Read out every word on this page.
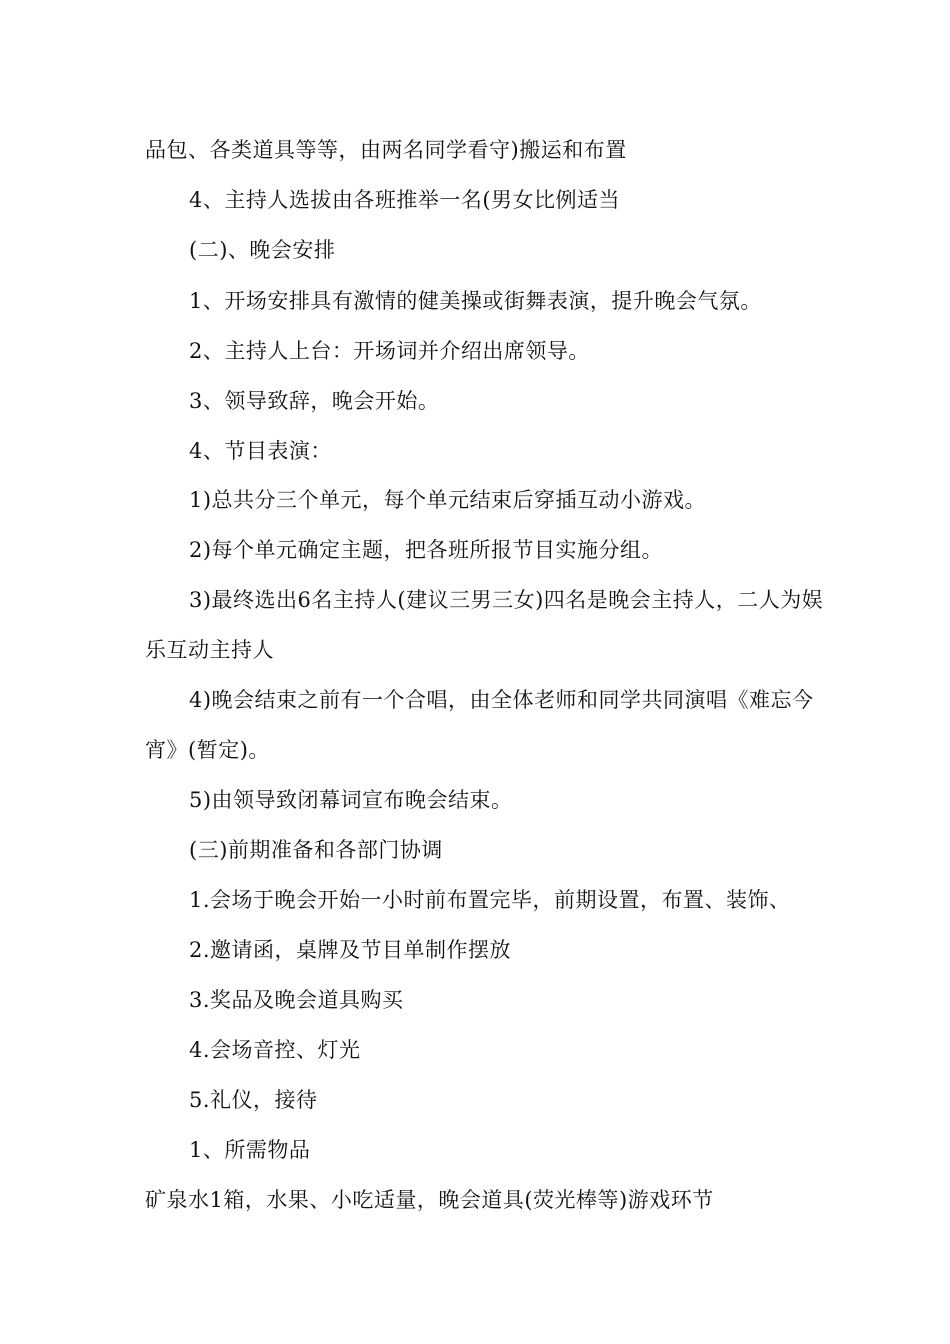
品包、各类道具等等，由两名同学看守)搬运和布置
4、主持人选拔由各班推举一名(男女比例适当
(二)、晚会安排
1、开场安排具有激情的健美操或街舞表演，提升晚会气氛。
2、主持人上台：开场词并介绍出席领导。
3、领导致辞，晚会开始。
4、节目表演：
1)总共分三个单元，每个单元结束后穿插互动小游戏。
2)每个单元确定主题，把各班所报节目实施分组。
3)最终选出6名主持人(建议三男三女)四名是晚会主持人，二人为娱乐互动主持人
4)晚会结束之前有一个合唱，由全体老师和同学共同演唱《难忘今宵》(暂定)。
5)由领导致闭幕词宣布晚会结束。
(三)前期准备和各部门协调
1.会场于晚会开始一小时前布置完毕，前期设置，布置、装饰、
2.邀请函，桌牌及节目单制作摆放
3.奖品及晚会道具购买
4.会场音控、灯光
5.礼仪，接待
1、所需物品
矿泉水1箱，水果、小吃适量，晚会道具(荧光棒等)游戏环节
